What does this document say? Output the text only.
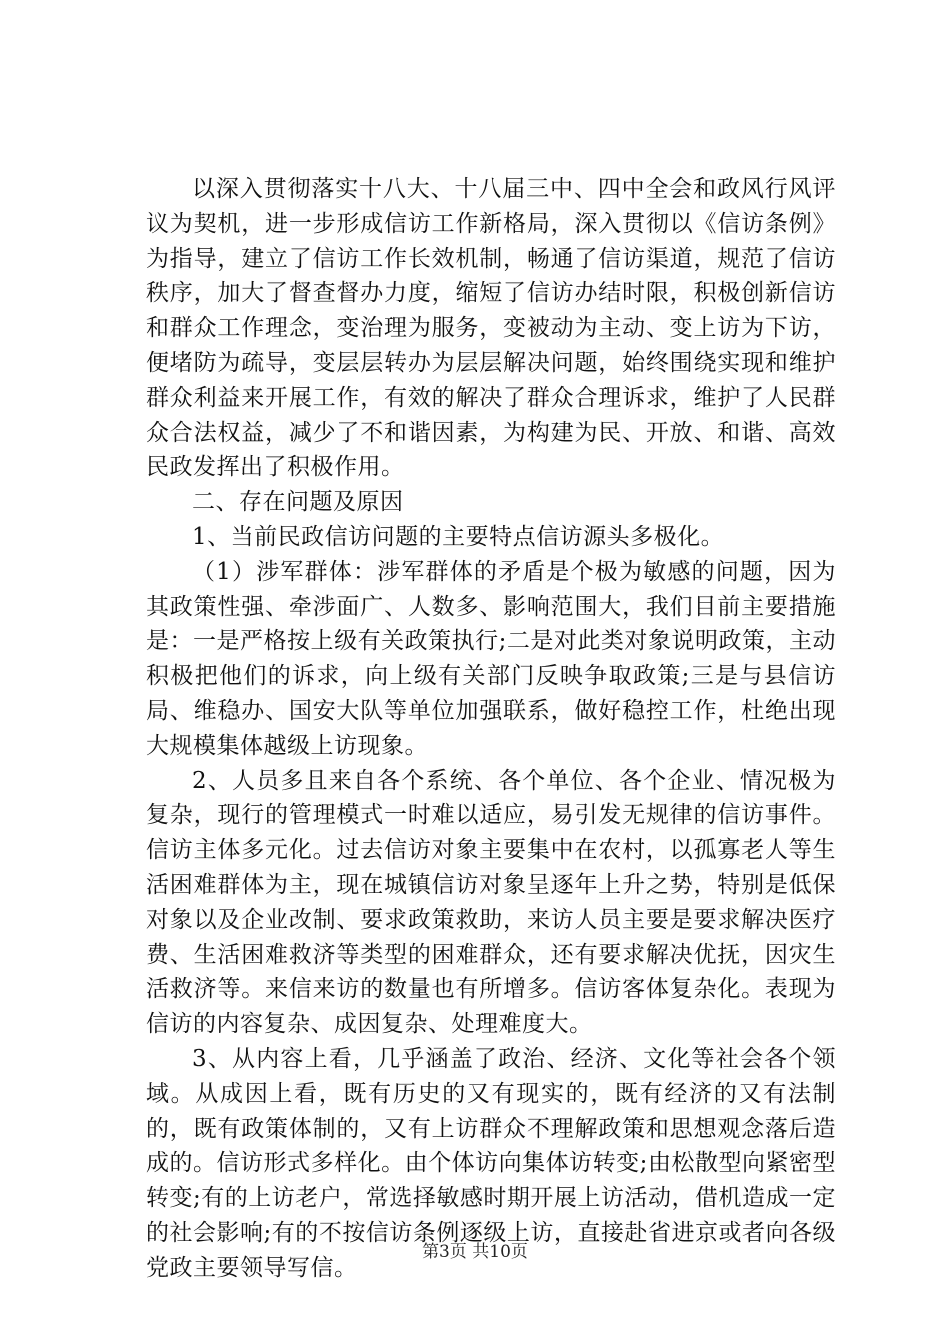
以深入贯彻落实十八大、十八届三中、四中全会和政风行风评议为契机，进一步形成信访工作新格局，深入贯彻以《信访条例》为指导，建立了信访工作长效机制，畅通了信访渠道，规范了信访秩序，加大了督查督办力度，缩短了信访办结时限，积极创新信访和群众工作理念，变治理为服务，变被动为主动、变上访为下访，便堵防为疏导，变层层转办为层层解决问题，始终围绕实现和维护群众利益来开展工作，有效的解决了群众合理诉求，维护了人民群众合法权益，减少了不和谐因素，为构建为民、开放、和谐、高效民政发挥出了积极作用。

二、存在问题及原因

1、当前民政信访问题的主要特点信访源头多极化。

（1）涉军群体：涉军群体的矛盾是个极为敏感的问题，因为其政策性强、牵涉面广、人数多、影响范围大，我们目前主要措施是：一是严格按上级有关政策执行;二是对此类对象说明政策，主动积极把他们的诉求，向上级有关部门反映争取政策;三是与县信访局、维稳办、国安大队等单位加强联系，做好稳控工作，杜绝出现大规模集体越级上访现象。

2、人员多且来自各个系统、各个单位、各个企业、情况极为复杂，现行的管理模式一时难以适应，易引发无规律的信访事件。信访主体多元化。过去信访对象主要集中在农村，以孤寡老人等生活困难群体为主，现在城镇信访对象呈逐年上升之势，特别是低保对象以及企业改制、要求政策救助，来访人员主要是要求解决医疗费、生活困难救济等类型的困难群众，还有要求解决优抚，因灾生活救济等。来信来访的数量也有所增多。信访客体复杂化。表现为信访的内容复杂、成因复杂、处理难度大。

3、从内容上看，几乎涵盖了政治、经济、文化等社会各个领域。从成因上看，既有历史的又有现实的，既有经济的又有法制的，既有政策体制的，又有上访群众不理解政策和思想观念落后造成的。信访形式多样化。由个体访向集体访转变;由松散型向紧密型转变;有的上访老户，常选择敏感时期开展上访活动，借机造成一定的社会影响;有的不按信访条例逐级上访，直接赴省进京或者向各级党政主要领导写信。

第3页 共10页
